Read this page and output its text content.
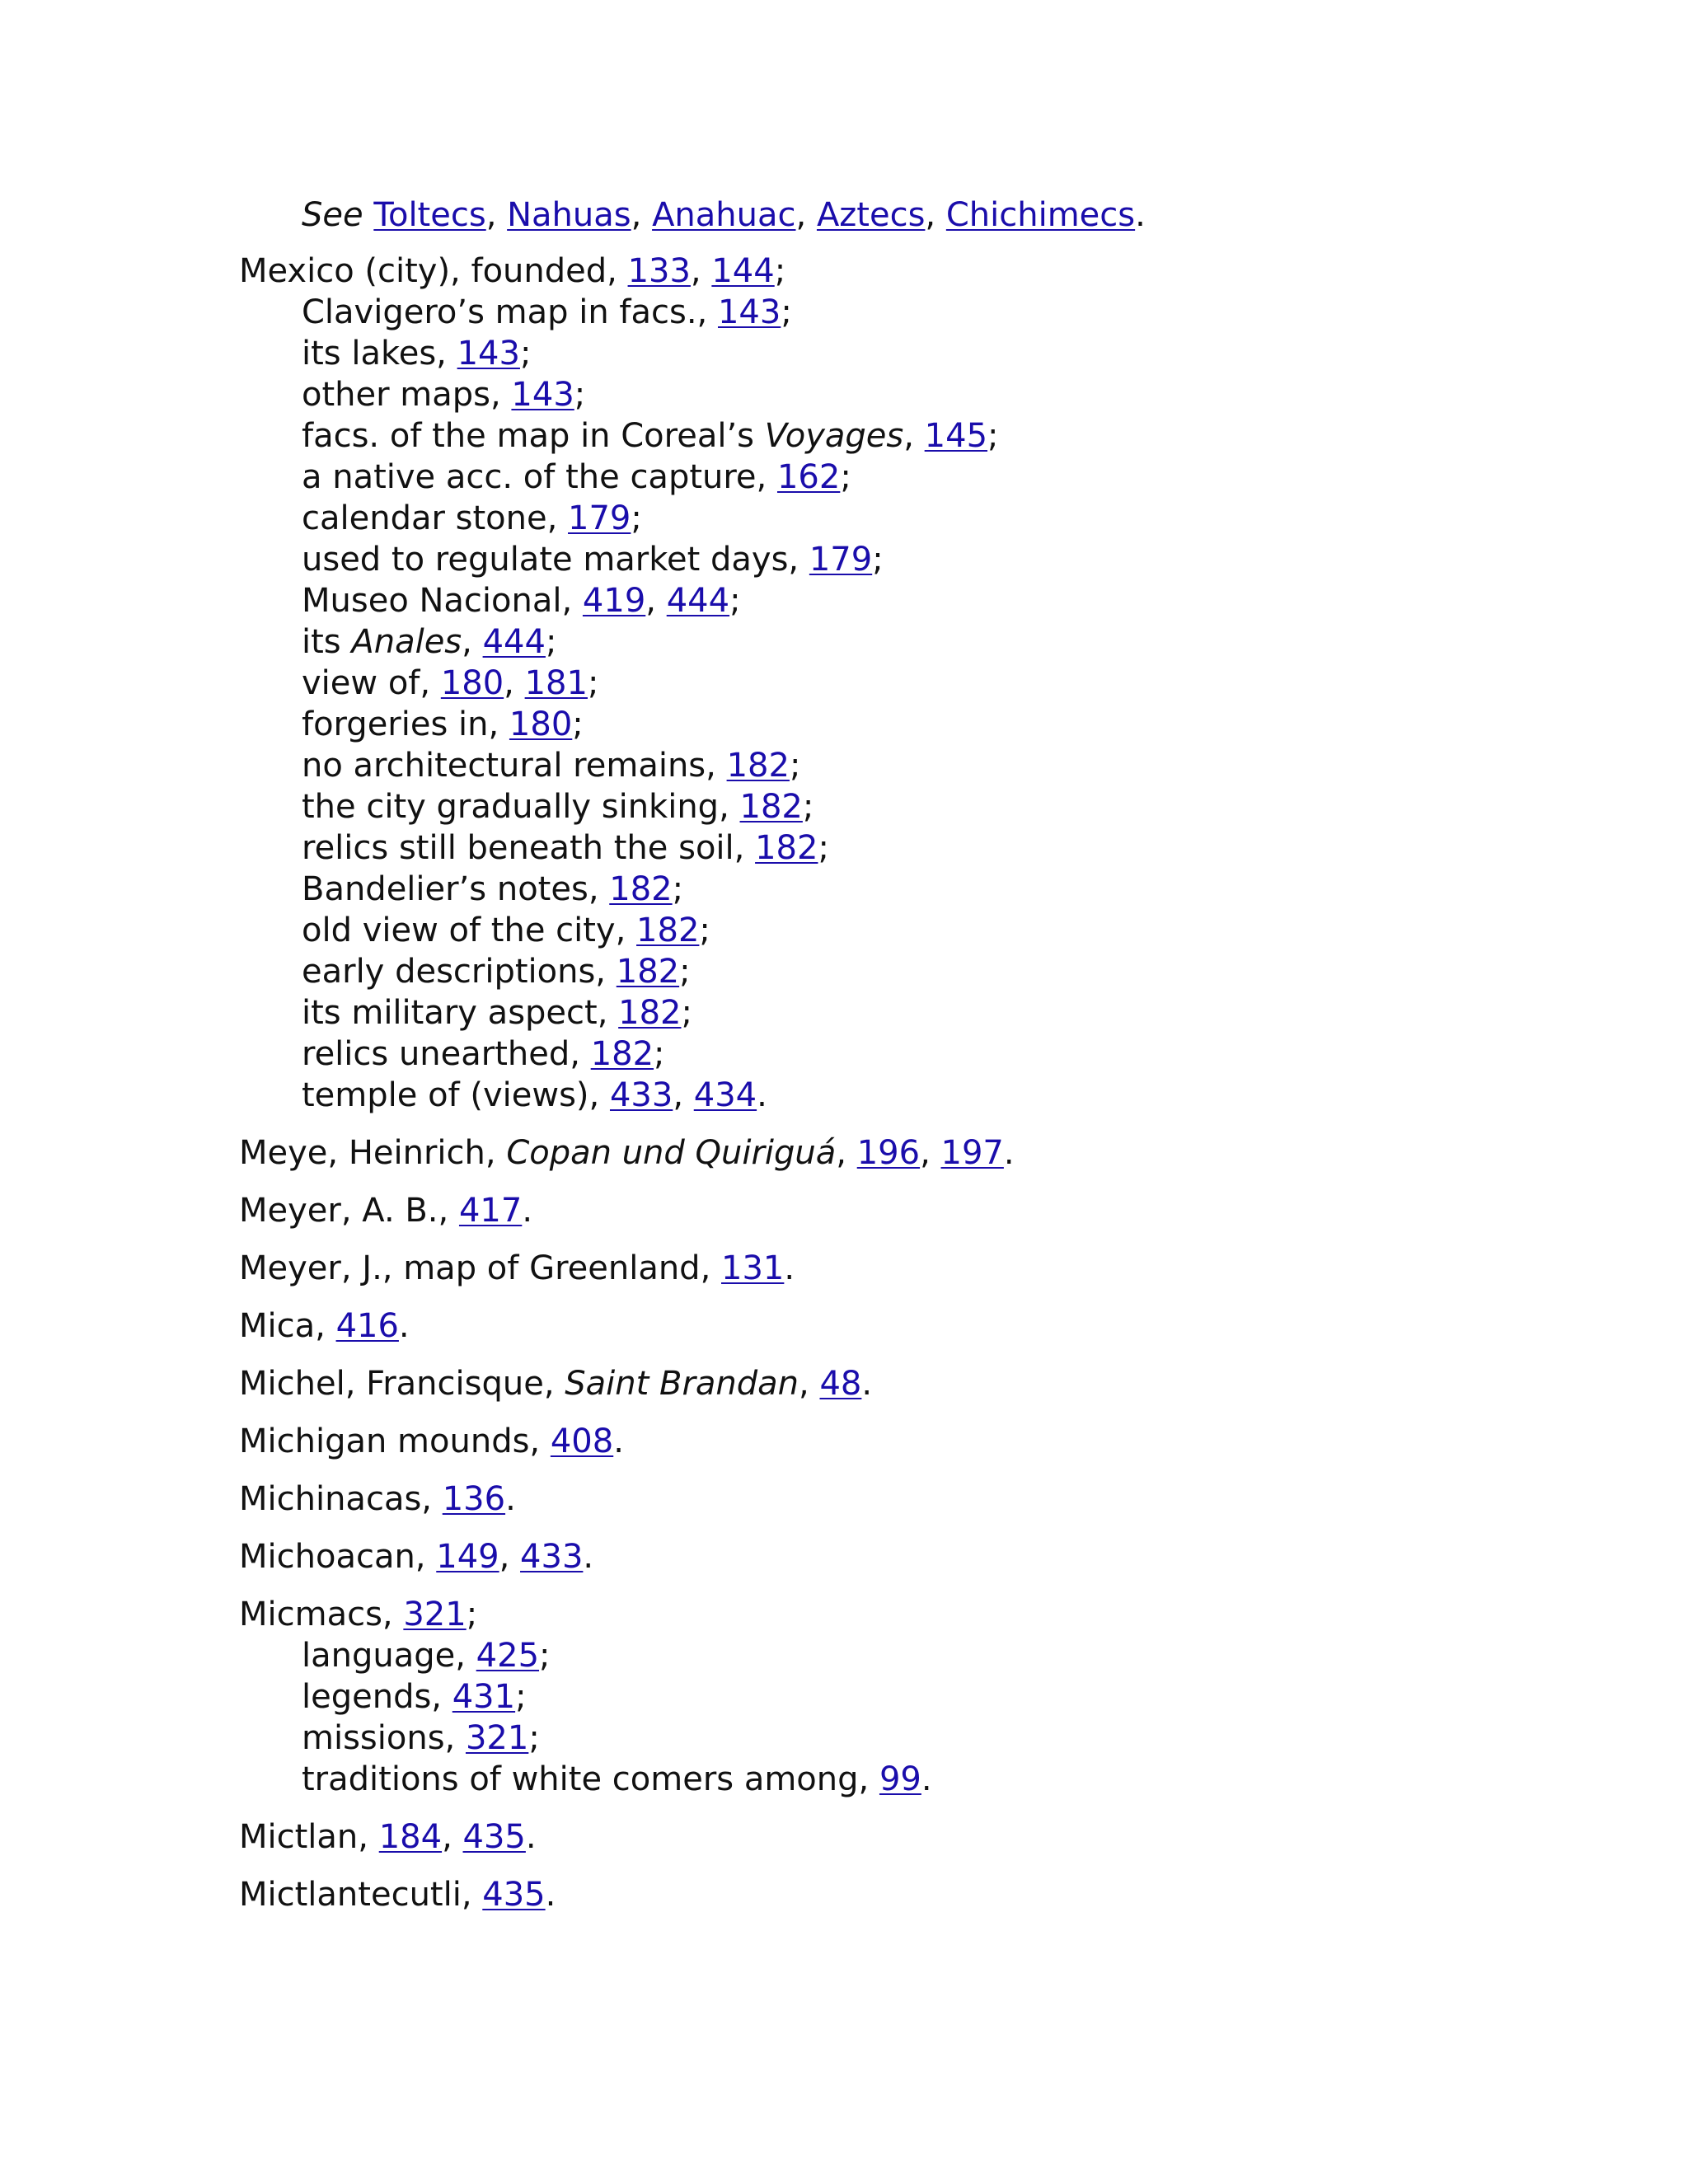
See Toltecs, Nahuas, Anahuac, Aztecs, Chichimecs.
Mexico (city), founded, 133, 144;
Clavigero’s map in facs., 143;
its lakes, 143;
other maps, 143;
facs. of the map in Coreal’s Voyages, 145;
a native acc. of the capture, 162;
calendar stone, 179;
used to regulate market days, 179;
Museo Nacional, 419, 444;
its Anales, 444;
view of, 180, 181;
forgeries in, 180;
no architectural remains, 182;
the city gradually sinking, 182;
relics still beneath the soil, 182;
Bandelier’s notes, 182;
old view of the city, 182;
early descriptions, 182;
its military aspect, 182;
relics unearthed, 182;
temple of (views), 433, 434.
Meye, Heinrich, Copan und Quiriguá, 196, 197.
Meyer, A. B., 417.
Meyer, J., map of Greenland, 131.
Mica, 416.
Michel, Francisque, Saint Brandan, 48.
Michigan mounds, 408.
Michinacas, 136.
Michoacan, 149, 433.
Micmacs, 321;
language, 425;
legends, 431;
missions, 321;
traditions of white comers among, 99.
Mictlan, 184, 435.
Mictlantecutli, 435.
